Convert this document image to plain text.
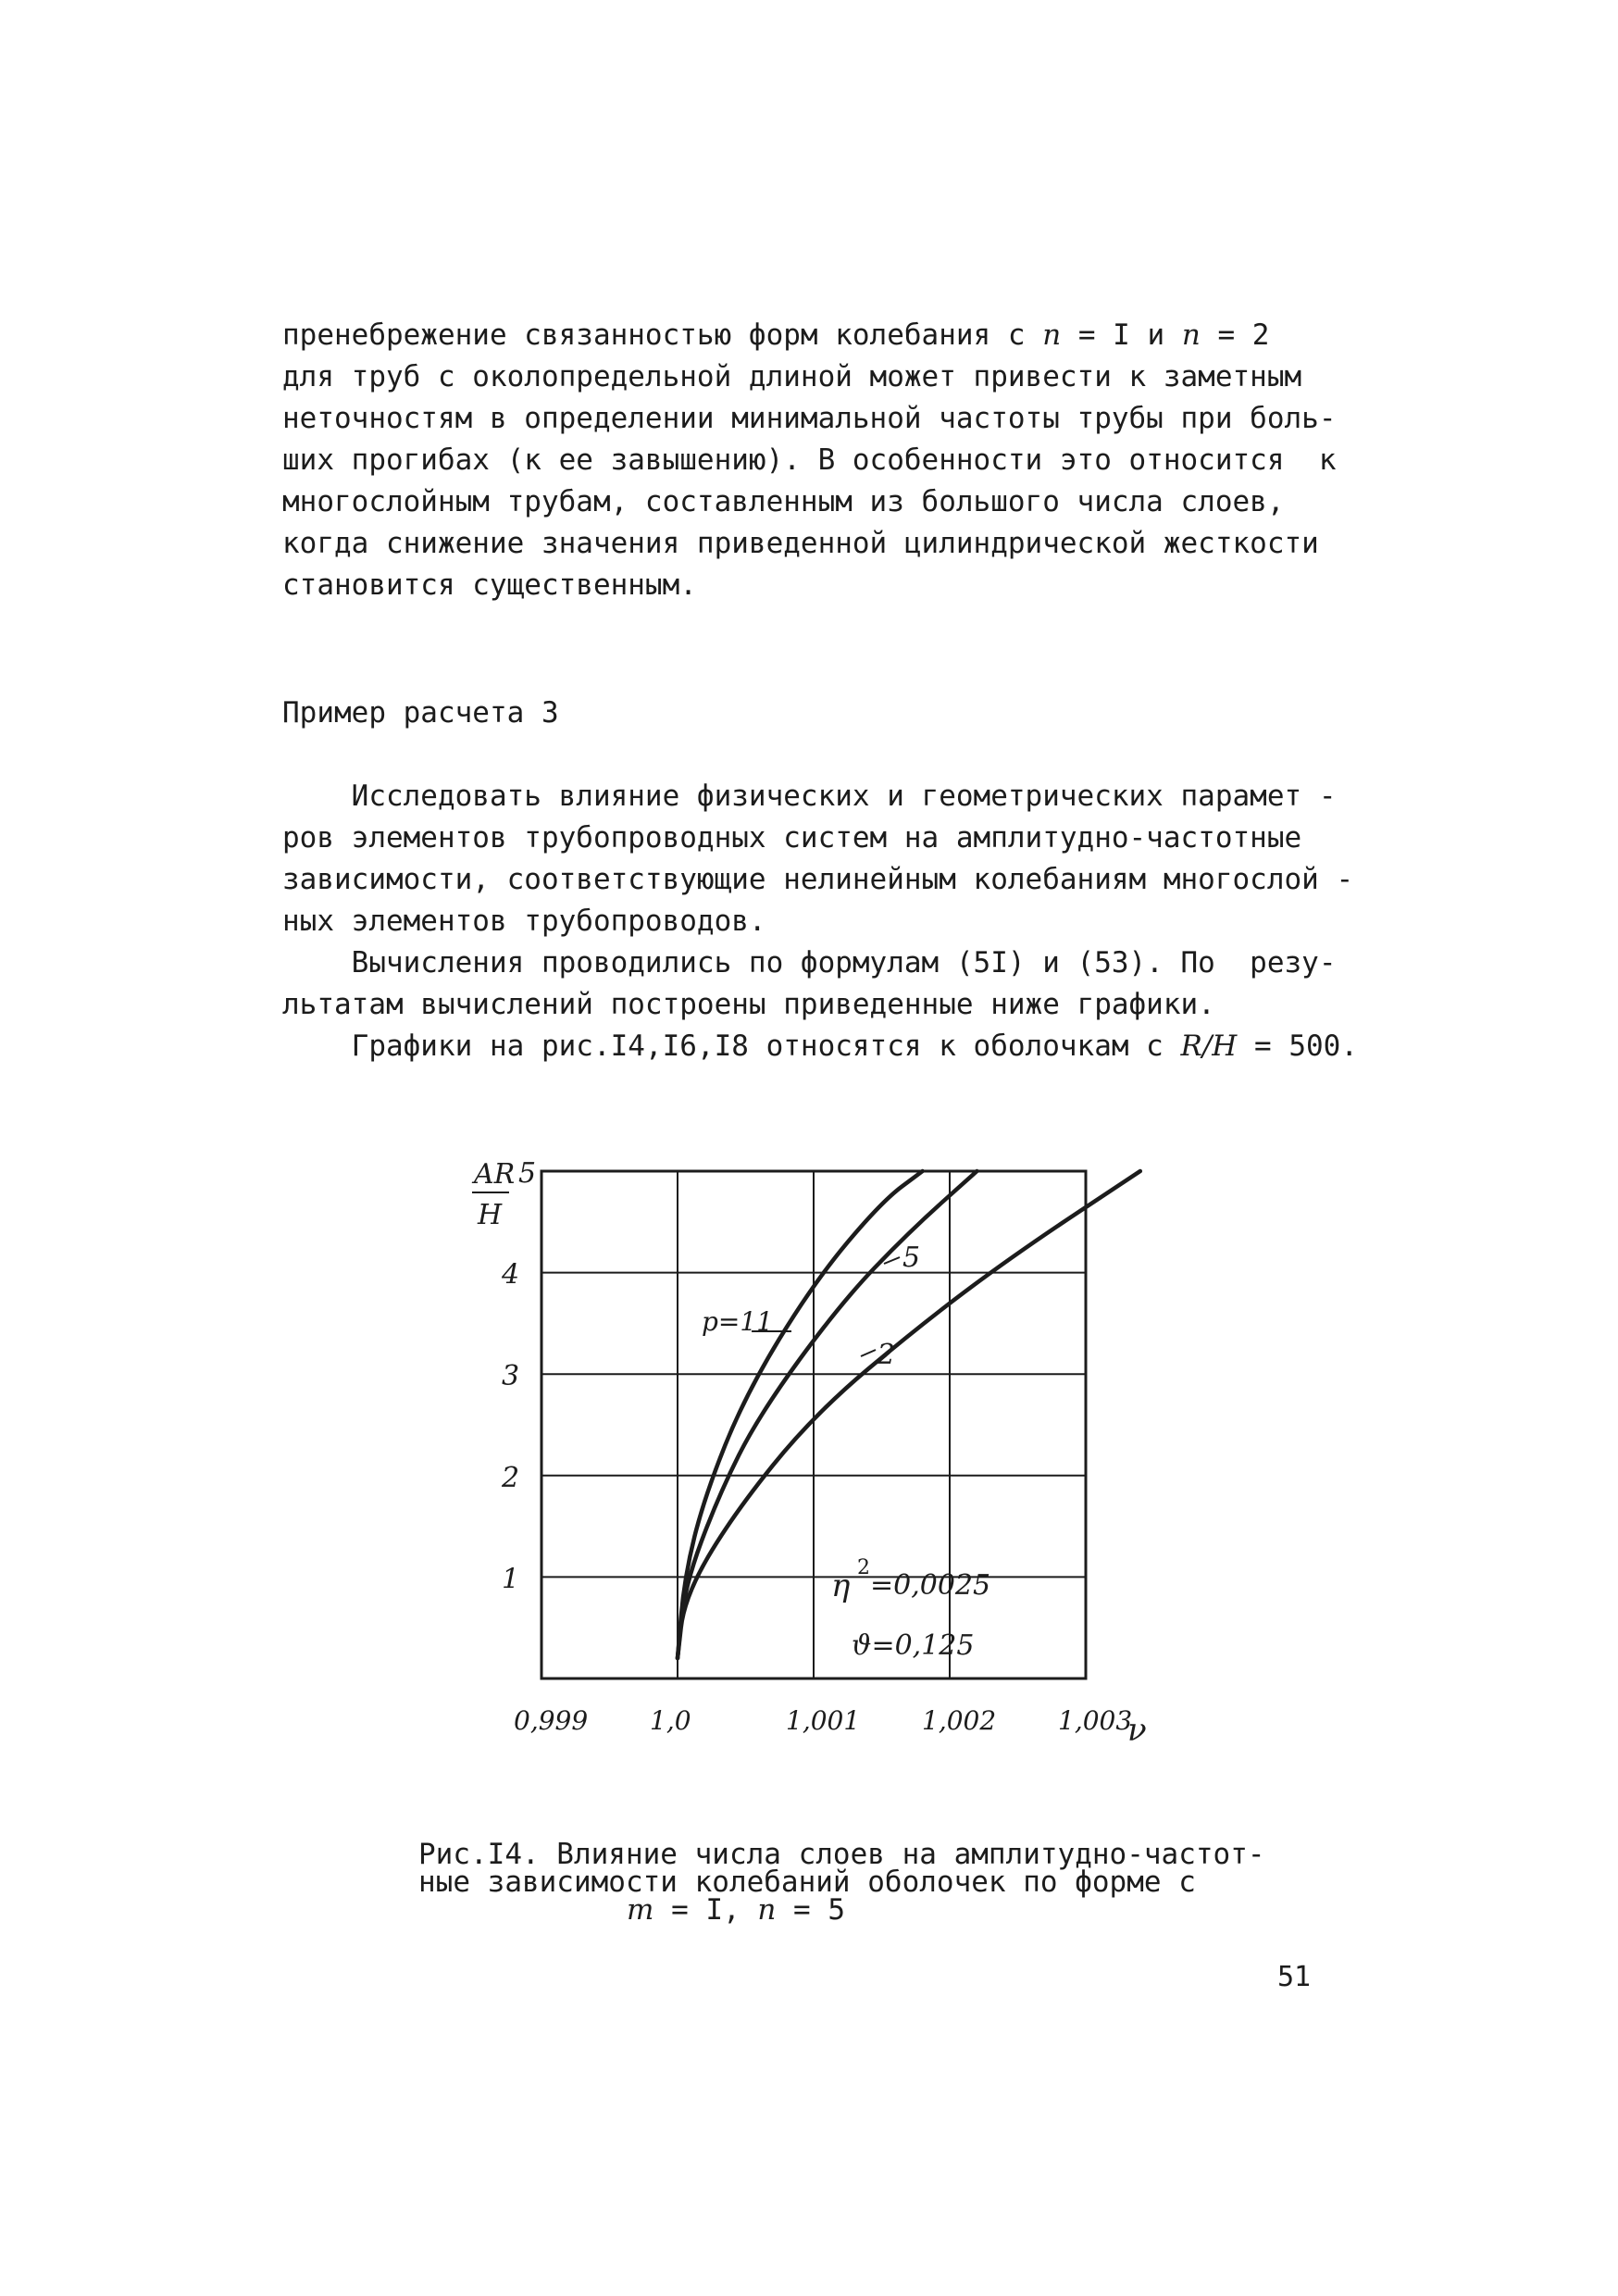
пренебрежение связанностью форм колебания с n = I и n = 2
для труб с околопредельной длиной может привести к заметным
неточностям в определении минимальной частоты трубы при боль-
ших прогибах (к ее завышению). В особенности это относится  к
многослойным трубам, составленным из большого числа слоев,
когда снижение значения приведенной цилиндрической жесткости
становится существенным.
Пример расчета 3
Исследовать влияние физических и геометрических парамет -
ров элементов трубопроводных систем на амплитудно-частотные
зависимости, соответствующие нелинейным колебаниям многослой -
ных элементов трубопроводов.
Вычисления проводились по формулам (5I) и (53). По  резу-
льтатам вычислений построены приведенные ниже графики.
Графики на рис.I4,I6,I8 относятся к оболочкам с R/H = 500.
0,999 1,0	1,001 1,002 1,003
1
2
3
4
5
AR
H
ν
p=11
5
2
η 2
=0,0025
ϑ=0,125
Рис.I4. Влияние числа слоев на амплитудно-частот-
ные зависимости колебаний оболочек по форме с
m = I, n = 5
51
